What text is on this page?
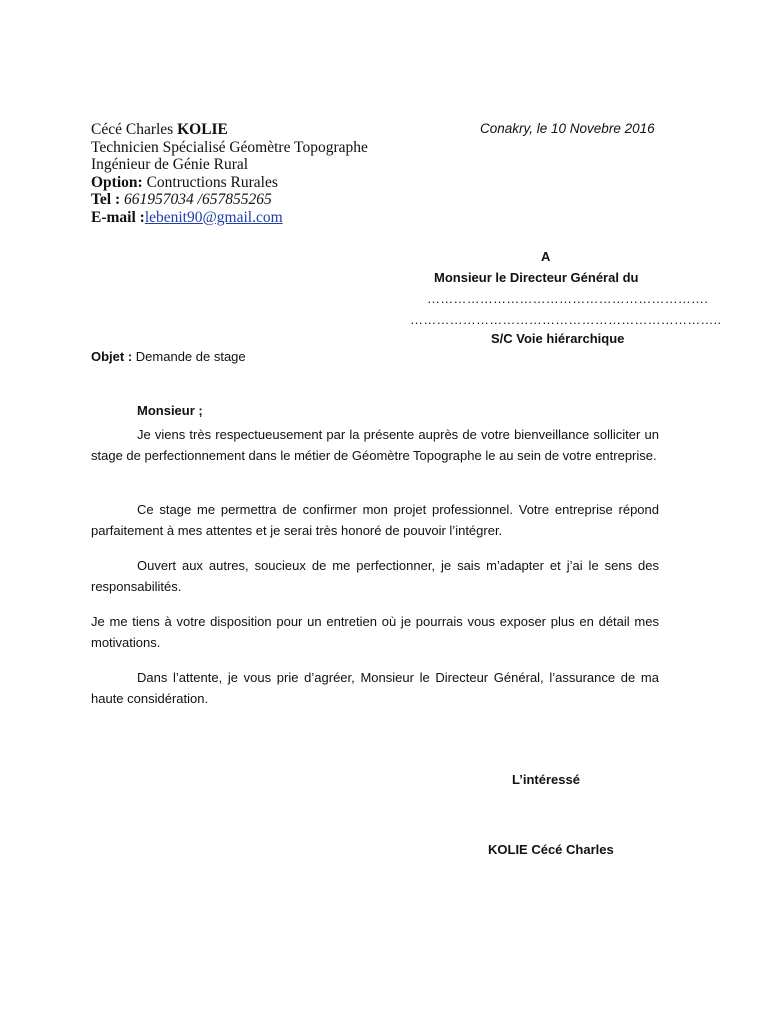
Cécé Charles KOLIE
Technicien Spécialisé Géomètre Topographe
Ingénieur de Génie Rural
Option: Contructions Rurales
Tel : 661957034 /657855265
E-mail :lebenit90@gmail.com
Conakry, le 10 Novebre 2016
A
Monsieur le Directeur Général du
……………………………………………………….
……………………………………………………………..
S/C Voie hiérarchique
Objet : Demande de stage
Monsieur ;

Je viens très respectueusement par la présente auprès de votre bienveillance solliciter un stage de perfectionnement dans le métier de Géomètre Topographe le au sein de votre entreprise.

Ce stage me permettra de confirmer mon projet professionnel. Votre entreprise répond parfaitement à mes attentes et je serai très honoré de pouvoir l’intégrer.

Ouvert aux autres, soucieux de me perfectionner, je sais m’adapter et j’ai le sens des responsabilités.

Je me tiens à votre disposition pour un entretien où je pourrais vous exposer plus en détail mes motivations.

Dans l’attente, je vous prie d’agréer, Monsieur le Directeur Général, l’assurance de ma haute considération.

L’intéressé
KOLIE Cécé Charles
